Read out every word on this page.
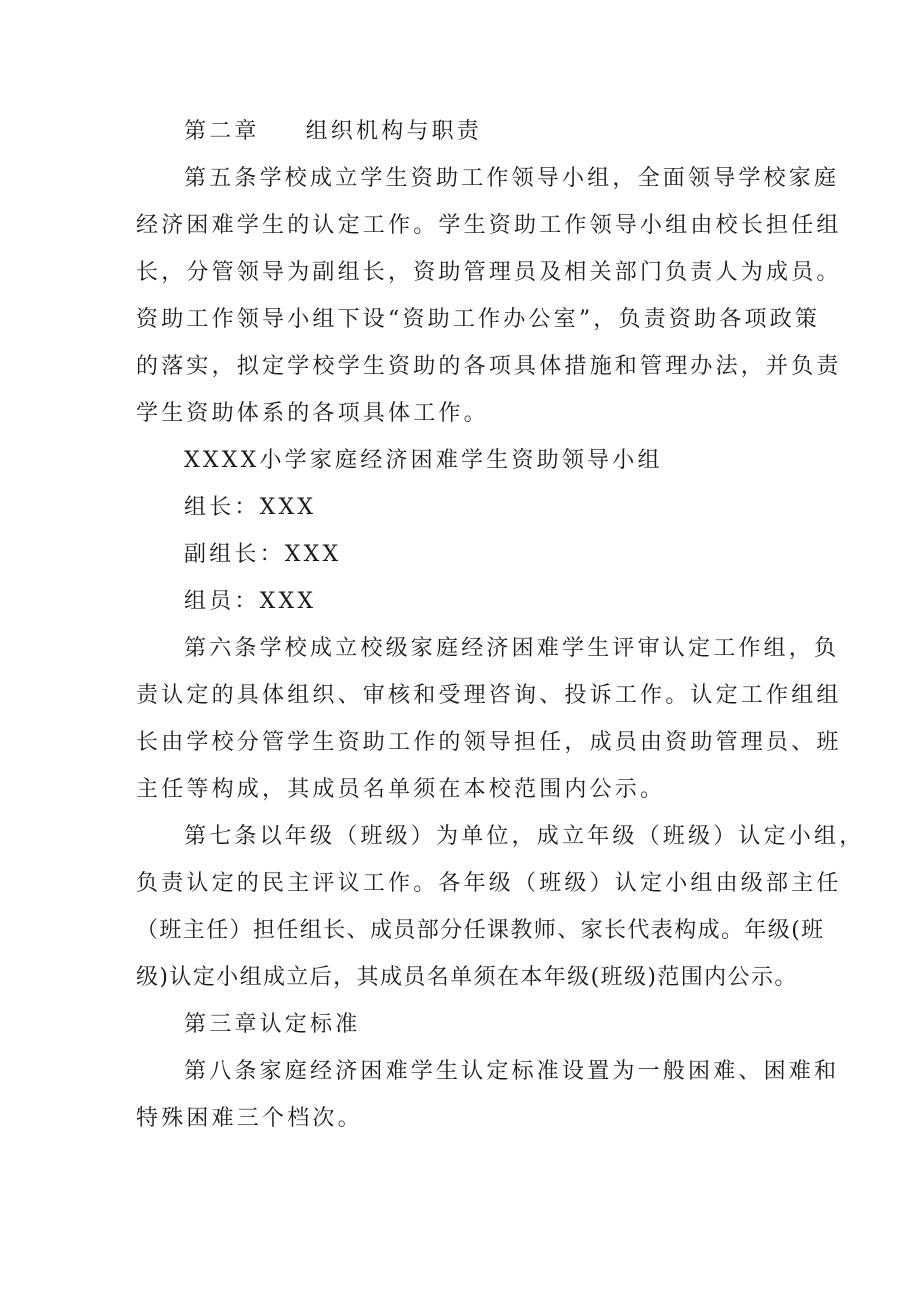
第二章 组织机构与职责
第五条学校成立学生资助工作领导小组，全面领导学校家庭
经济困难学生的认定工作。学生资助工作领导小组由校长担任组
长，分管领导为副组长，资助管理员及相关部门负责人为成员。
资助工作领导小组下设“资助工作办公室”，负责资助各项政策
的落实，拟定学校学生资助的各项具体措施和管理办法，并负责
学生资助体系的各项具体工作。
XXXX小学家庭经济困难学生资助领导小组
组长：XXX
副组长：XXX
组员：XXX
第六条学校成立校级家庭经济困难学生评审认定工作组，负
责认定的具体组织、审核和受理咨询、投诉工作。认定工作组组
长由学校分管学生资助工作的领导担任，成员由资助管理员、班
主任等构成，其成员名单须在本校范围内公示。
第七条以年级（班级）为单位，成立年级（班级）认定小组，
负责认定的民主评议工作。各年级（班级）认定小组由级部主任
（班主任）担任组长、成员部分任课教师、家长代表构成。年级(班
级)认定小组成立后，其成员名单须在本年级(班级)范围内公示。
第三章认定标准
第八条家庭经济困难学生认定标准设置为一般困难、困难和
特殊困难三个档次。
